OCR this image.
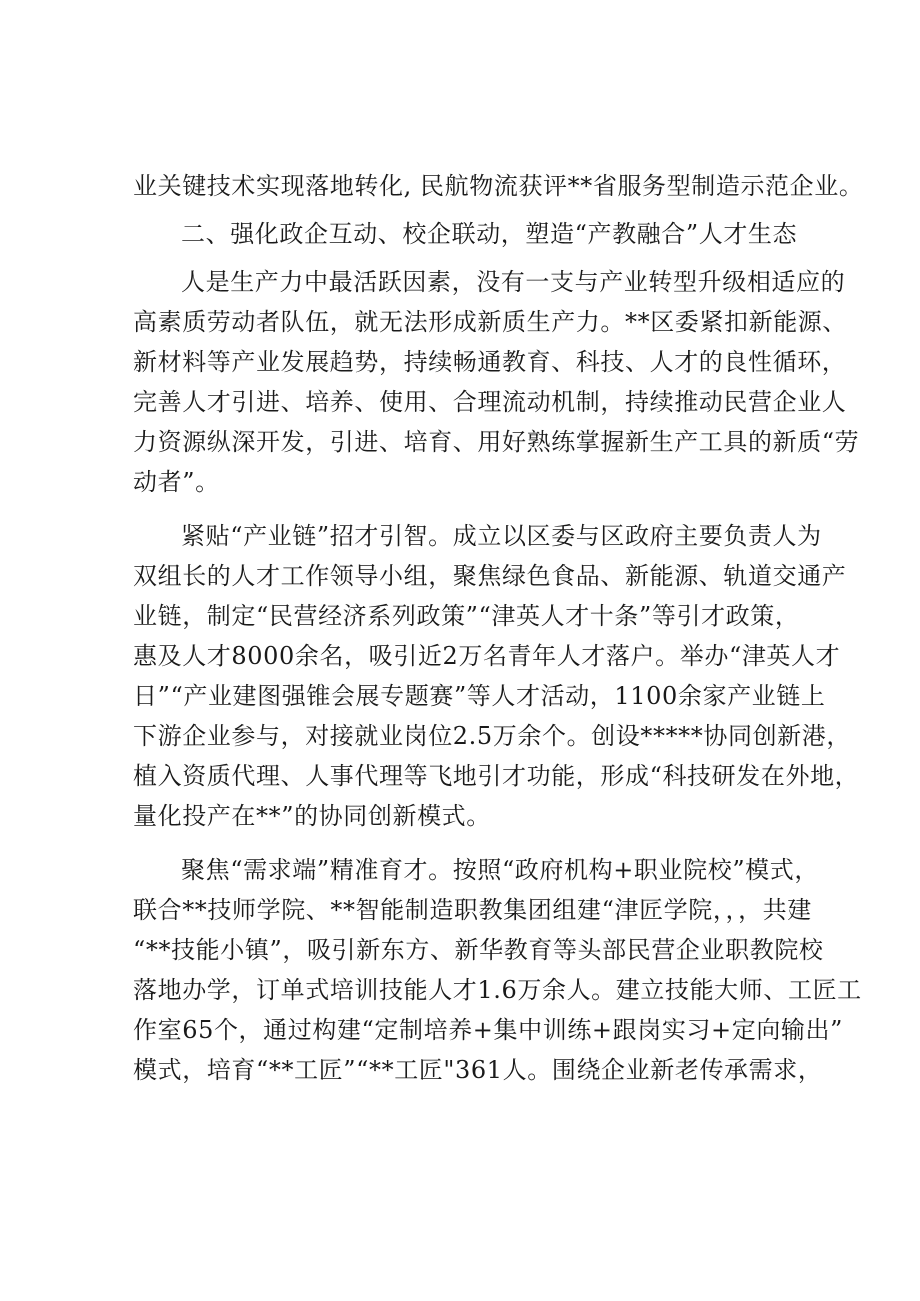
业关键技术实现落地转化, 民航物流获评**省服务型制造示范企业。
二、强化政企互动、校企联动，塑造“产教融合”人才生态
人是生产力中最活跃因素，没有一支与产业转型升级相适应的
高素质劳动者队伍，就无法形成新质生产力。**区委紧扣新能源、
新材料等产业发展趋势，持续畅通教育、科技、人才的良性循环，
完善人才引进、培养、使用、合理流动机制，持续推动民营企业人
力资源纵深开发，引进、培育、用好熟练掌握新生产工具的新质“劳
动者”。
紧贴“产业链”招才引智。成立以区委与区政府主要负责人为
双组长的人才工作领导小组，聚焦绿色食品、新能源、轨道交通产
业链，制定“民营经济系列政策”“津英人才十条”等引才政策，
惠及人才8000余名，吸引近2万名青年人才落户。举办“津英人才
日”“产业建图强锥会展专题赛”等人才活动，1100余家产业链上
下游企业参与，对接就业岗位2.5万余个。创设*****协同创新港，
植入资质代理、人事代理等飞地引才功能，形成“科技研发在外地，
量化投产在**”的协同创新模式。
聚焦“需求端”精准育才。按照“政府机构+职业院校”模式，
联合**技师学院、**智能制造职教集团组建“津匠学院，，，共建
“**技能小镇”，吸引新东方、新华教育等头部民营企业职教院校
落地办学，订单式培训技能人才1.6万余人。建立技能大师、工匠工
作室65个，通过构建“定制培养+集中训练+跟岗实习+定向输出”
模式，培育“**工匠”“**工匠"361人。围绕企业新老传承需求，
